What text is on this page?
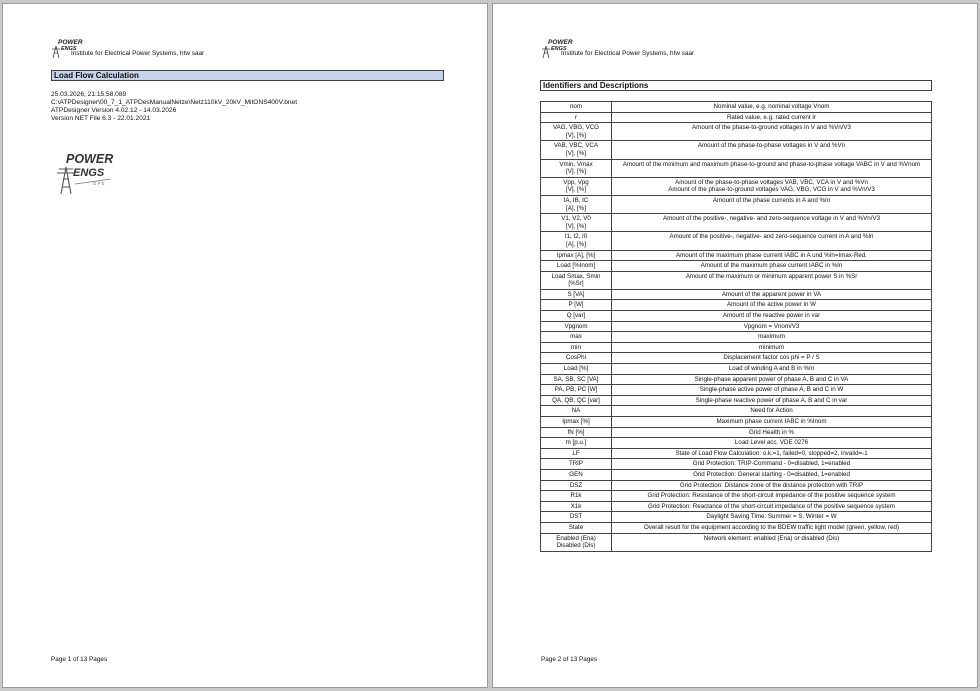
POWER
ENGS
Institute for Electrical Power Systems, htw saar
Load Flow Calculation
25.03.2026, 21:15:58.089
C:\ATPDesigner\00_7_1_ATPDesManualNetze\Netz110kV_20kV_MitONS400V.bnet
ATPDesigner Version 4.02.12 - 14.03.2026
Version NET File 6.3 - 22.01.2021
POWER
ENGS
D P E
Page 1 of 13 Pages
POWER
ENGS
Institute for Electrical Power Systems, htw saar
Identifiers and Descriptions
nom	Nominal value, e.g. nominal voltage Vnom
r	Rated value, e.g. rated current Ir
VAG, VBG, VCG
[V], [%]	Amount of the phase-to-ground voltages in V and %Vn/V3
VAB, VBC, VCA
[V], [%]	Amount of the phase-to-phase voltages in V and %Vn
Vmin, Vmax
[V], [%]	Amount of the minimum and maximum phase-to-ground and phase-to-phase voltage VABC in V and %Vnom
Vpp, Vpg
[V], [%]	Amount of the phase-to-phase voltages VAB, VBC, VCA in V and %Vn
Amount of the phase-to-ground voltages VAG, VBG, VCG in V and %Vn/V3
IA, IB, IC
[A], [%]	Amount of the phase currents in A and %In
V1, V2, V0
[V], [%]	Amount of the positive-, negative- and zero-sequence voltage in V and %Vn/V3
I1, I2, I0
[A], [%]	Amount of the positive-, negative- and zero-sequence current in A and %In
Ipmax [A], [%]	Amount of the maximum phase current IABC in A und %In=Imax-Red.
Load [%Inom]	Amount of the maximum phase current IABC in %In
Load Smax, Smin
[%Sr]	Amount of the maximum or minimum apparent power S in %Sr
S [VA]	Amount of the apparent power in VA
P [W]	Amount of the active power in W
Q [var]	Amount of the reactive power in var
Vpgnom	Vpgnom = Vnom/V3
max	maximum
min	minimum
CosPhi	Displacement factor cos phi = P / S
Load [%]	Load of winding A and B in %In
SA, SB, SC [VA]	Single-phase apparent power of phase A, B and C in VA
PA, PB, PC [W]	Single-phase active power of phase A, B and C in W
QA, QB, QC [var]	Single-phase reactive power of phase A, B and C in var
NA	Need for Action
Ipmax [%]	Maximum phase current IABC in %Inom
fN [%]	Grid Health in %
m [p.u.]	Load Level acc. VDE 0276
LF	State of Load Flow Calculation: o.k.=1, failed=0, stopped=2, invalid=-1
TRIP	Grid Protection: TRIP-Command - 0=disabled, 1=enabled
GEN	Grid Protection: General starting - 0=disabled, 1=enabled
DSZ	Grid Protection: Distance zone of the distance protection with TRIP
R1k	Grid Protection: Resistance of the short-circuit impedance of the positive sequence system
X1k	Grid Protection: Reactance of the short-circuit impedance of the positive sequence system
DST	Daylight Saving Time: Summer = S, Winter = W
State	Overall result for the equipment according to the BDEW traffic light model (green, yellow, red)
Enabled (Ena)
Disabled (Dis)	Network element: enabled (Ena) or disabled (Dis)
Page 2 of 13 Pages
